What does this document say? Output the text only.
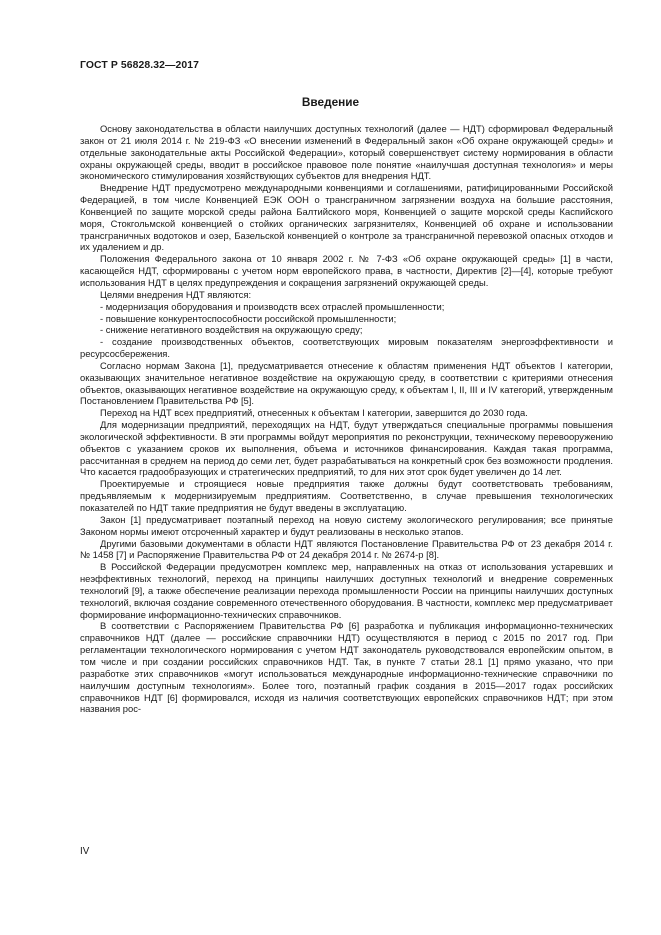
ГОСТ Р 56828.32—2017
Введение

Основу законодательства в области наилучших доступных технологий (далее — НДТ) сформировал Федеральный закон от 21 июля 2014 г. № 219-ФЗ «О внесении изменений в Федеральный закон «Об охране окружающей среды» и отдельные законодательные акты Российской Федерации», который совершенствует систему нормирования в области охраны окружающей среды, вводит в российское правовое поле понятие «наилучшая доступная технология» и меры экономического стимулирования хозяйствующих субъектов для внедрения НДТ.

Внедрение НДТ предусмотрено международными конвенциями и соглашениями, ратифицированными Российской Федерацией, в том числе Конвенцией ЕЭК ООН о трансграничном загрязнении воздуха на большие расстояния, Конвенцией по защите морской среды района Балтийского моря, Конвенцией о защите морской среды Каспийского моря, Стокгольмской конвенцией о стойких органических загрязнителях, Конвенцией об охране и использовании трансграничных водотоков и озер, Базельской конвенцией о контроле за трансграничной перевозкой опасных отходов и их удалением и др.

Положения Федерального закона от 10 января 2002 г. № 7-ФЗ «Об охране окружающей среды» [1] в части, касающейся НДТ, сформированы с учетом норм европейского права, в частности, Директив [2]—[4], которые требуют использования НДТ в целях предупреждения и сокращения загрязнений окружающей среды.

Целями внедрения НДТ являются:

- модернизация оборудования и производств всех отраслей промышленности;

- повышение конкурентоспособности российской промышленности;

- снижение негативного воздействия на окружающую среду;

- создание производственных объектов, соответствующих мировым показателям энергоэффективности и ресурсосбережения.

Согласно нормам Закона [1], предусматривается отнесение к областям применения НДТ объектов I категории, оказывающих значительное негативное воздействие на окружающую среду, в соответствии с критериями отнесения объектов, оказывающих негативное воздействие на окружающую среду, к объектам I, II, III и IV категорий, утвержденным Постановлением Правительства РФ [5].

Переход на НДТ всех предприятий, отнесенных к объектам I категории, завершится до 2030 года.

Для модернизации предприятий, переходящих на НДТ, будут утверждаться специальные программы повышения экологической эффективности. В эти программы войдут мероприятия по реконструкции, техническому перевооружению объектов с указанием сроков их выполнения, объема и источников финансирования. Каждая такая программа, рассчитанная в среднем на период до семи лет, будет разрабатываться на конкретный срок без возможности продления. Что касается градообразующих и стратегических предприятий, то для них этот срок будет увеличен до 14 лет.

Проектируемые и строящиеся новые предприятия также должны будут соответствовать требованиям, предъявляемым к модернизируемым предприятиям. Соответственно, в случае превышения технологических показателей по НДТ такие предприятия не будут введены в эксплуатацию.

Закон [1] предусматривает поэтапный переход на новую систему экологического регулирования; все принятые Законом нормы имеют отсроченный характер и будут реализованы в несколько этапов.

Другими базовыми документами в области НДТ являются Постановление Правительства РФ от 23 декабря 2014 г. № 1458 [7] и Распоряжение Правительства РФ от 24 декабря 2014 г. № 2674-р [8].

В Российской Федерации предусмотрен комплекс мер, направленных на отказ от использования устаревших и неэффективных технологий, переход на принципы наилучших доступных технологий и внедрение современных технологий [9], а также обеспечение реализации перехода промышленности России на принципы наилучших доступных технологий, включая создание современного отечественного оборудования. В частности, комплекс мер предусматривает формирование информационно-технических справочников.

В соответствии с Распоряжением Правительства РФ [6] разработка и публикация информационно-технических справочников НДТ (далее — российские справочники НДТ) осуществляются в период с 2015 по 2017 год. При регламентации технологического нормирования с учетом НДТ законодатель руководствовался европейским опытом, в том числе и при создании российских справочников НДТ. Так, в пункте 7 статьи 28.1 [1] прямо указано, что при разработке этих справочников «могут использоваться международные информационно-технические справочники по наилучшим доступным технологиям». Более того, поэтапный график создания в 2015—2017 годах российских справочников НДТ [6] формировался, исходя из наличия соответствующих европейских справочников НДТ; при этом названия рос-

IV
